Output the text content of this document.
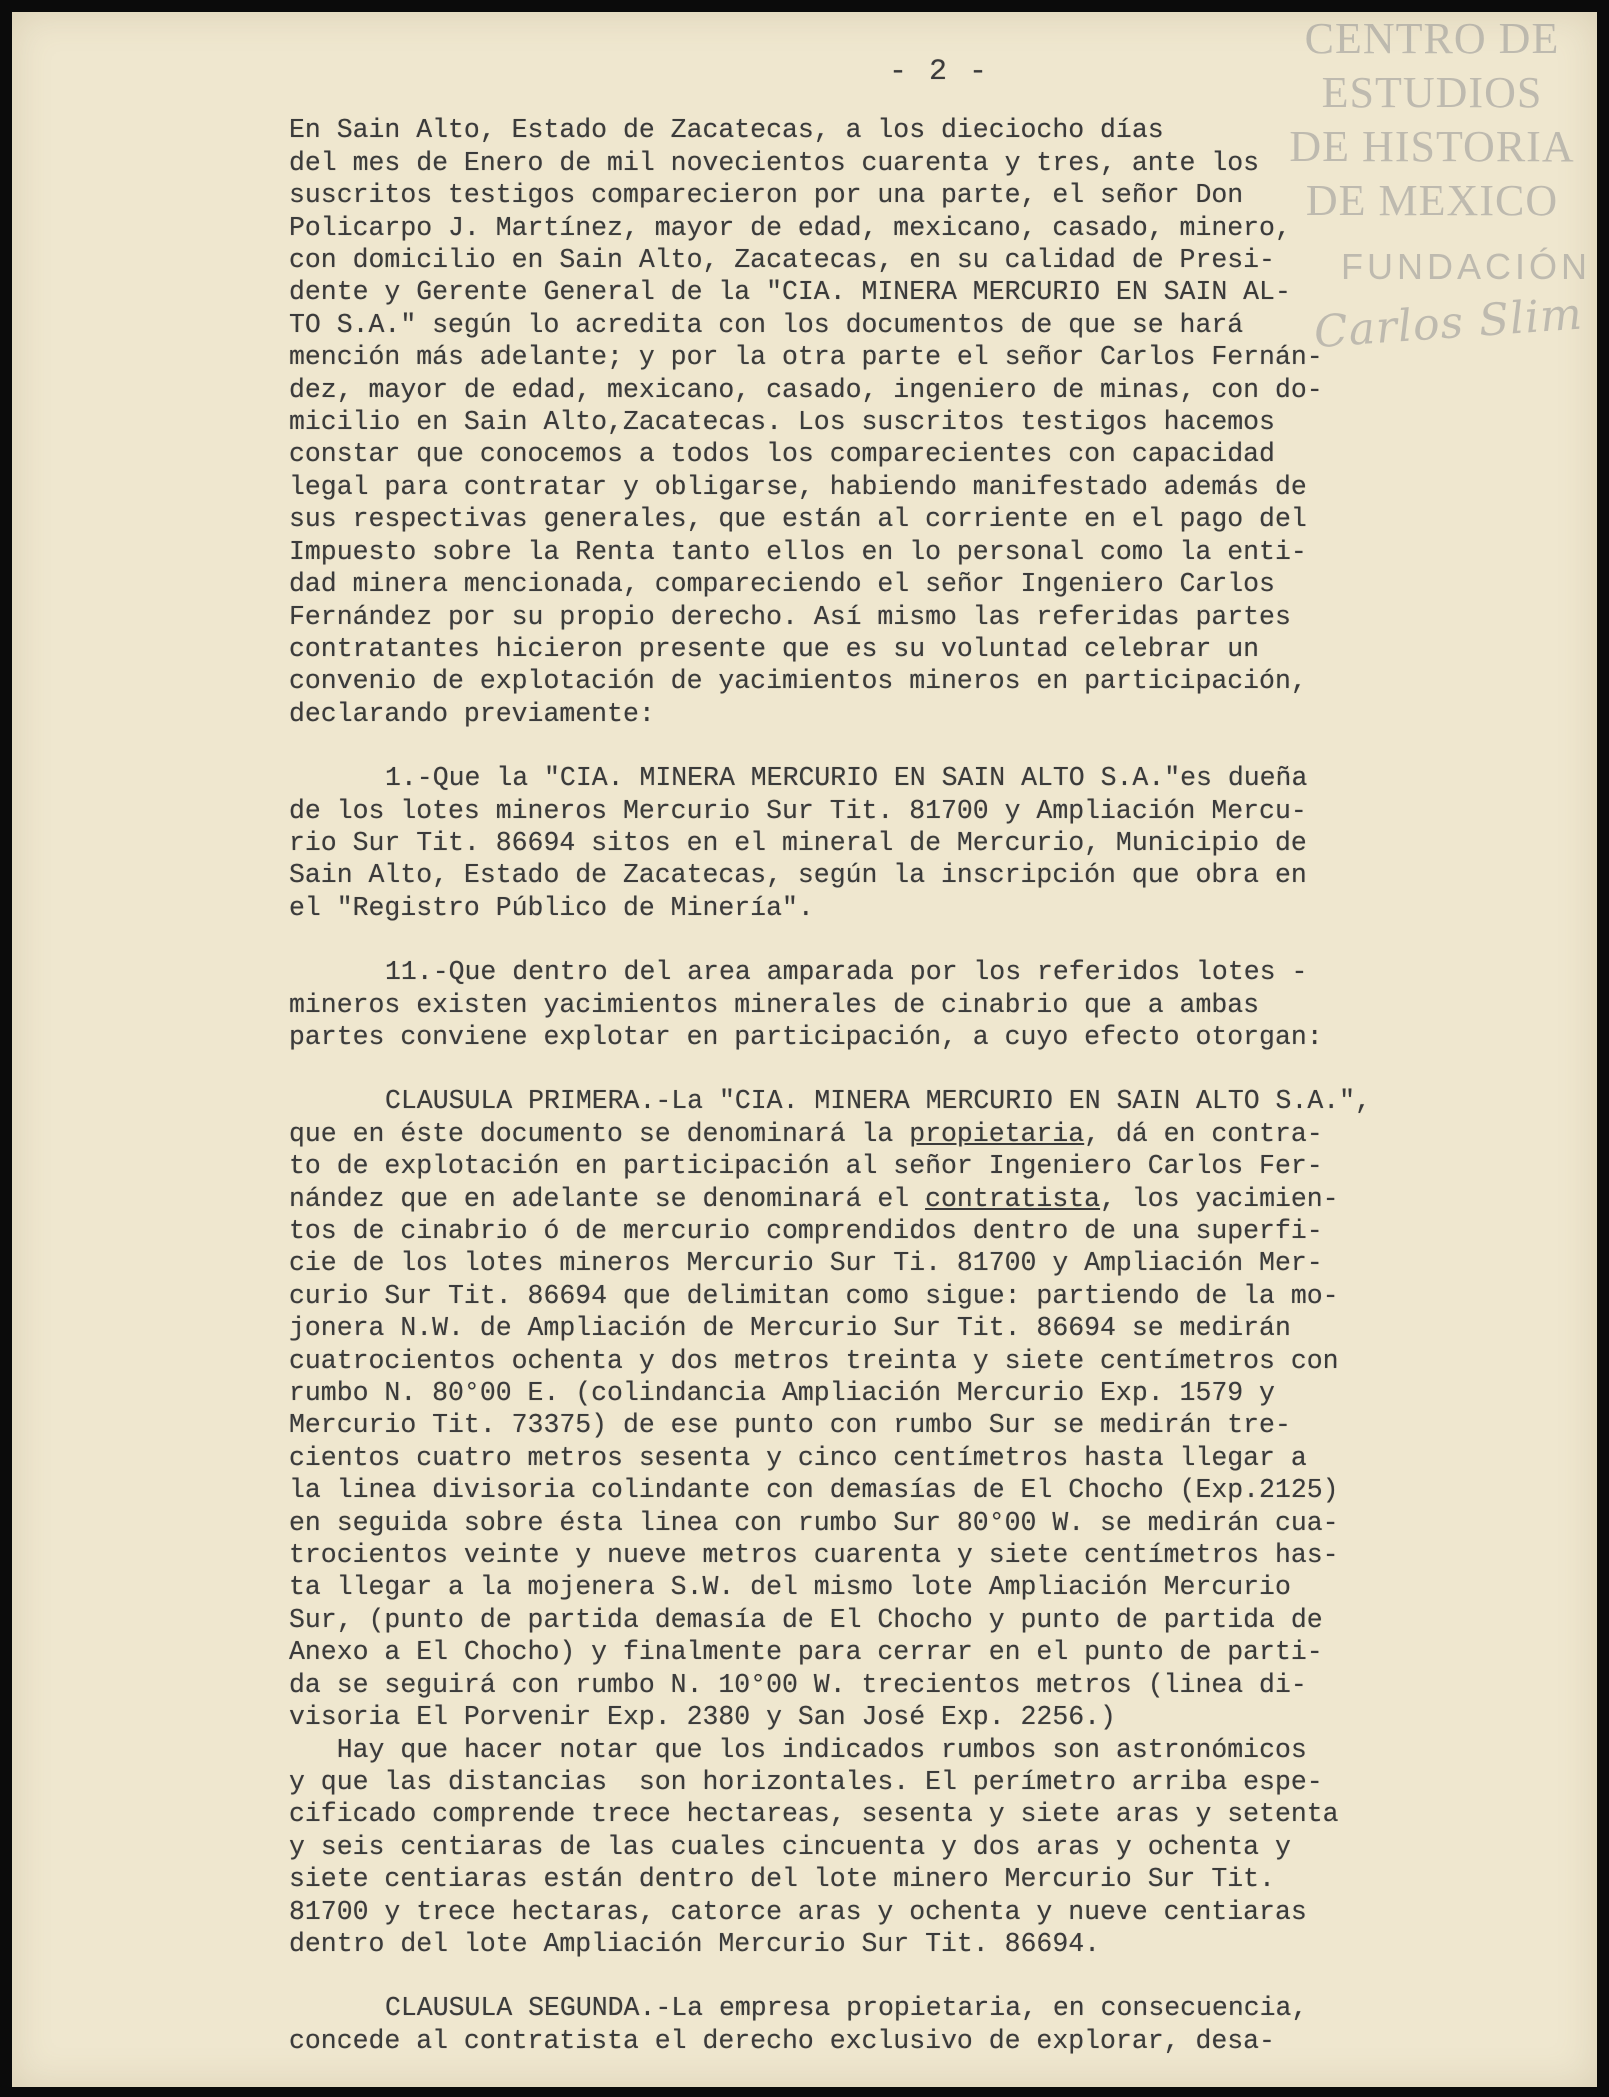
CENTRO DE
ESTUDIOS
DE HISTORIA
DE MEXICO
FUNDACIÓN
Carlos Slim
- 2 -

En Sain Alto, Estado de Zacatecas, a los dieciocho días

del mes de Enero de mil novecientos cuarenta y tres, ante los

suscritos testigos comparecieron por una parte, el señor Don

Policarpo J. Martínez, mayor de edad, mexicano, casado, minero,

con domicilio en Sain Alto, Zacatecas, en su calidad de Presi-

dente y Gerente General de la "CIA. MINERA MERCURIO EN SAIN AL-

TO S.A." según lo acredita con los documentos de que se hará

mención más adelante; y por la otra parte el señor Carlos Fernán-

dez, mayor de edad, mexicano, casado, ingeniero de minas, con do-

micilio en Sain Alto,Zacatecas. Los suscritos testigos hacemos

constar que conocemos a todos los comparecientes con capacidad

legal para contratar y obligarse, habiendo manifestado además de

sus respectivas generales, que están al corriente en el pago del

Impuesto sobre la Renta tanto ellos en lo personal como la enti-

dad minera mencionada, compareciendo el señor Ingeniero Carlos

Fernández por su propio derecho. Así mismo las referidas partes

contratantes hicieron presente que es su voluntad celebrar un

convenio de explotación de yacimientos mineros en participación,

declarando previamente:

1.-Que la "CIA. MINERA MERCURIO EN SAIN ALTO S.A."es dueña

de los lotes mineros Mercurio Sur Tit. 81700 y Ampliación Mercu-

rio Sur Tit. 86694 sitos en el mineral de Mercurio, Municipio de

Sain Alto, Estado de Zacatecas, según la inscripción que obra en

el "Registro Público de Minería".

11.-Que dentro del area amparada por los referidos lotes -

mineros existen yacimientos minerales de cinabrio que a ambas

partes conviene explotar en participación, a cuyo efecto otorgan:

CLAUSULA PRIMERA.-La "CIA. MINERA MERCURIO EN SAIN ALTO S.A.",

que en éste documento se denominará la propietaria, dá en contra-

to de explotación en participación al señor Ingeniero Carlos Fer-

nández que en adelante se denominará el contratista, los yacimien-

tos de cinabrio ó de mercurio comprendidos dentro de una superfi-

cie de los lotes mineros Mercurio Sur Ti. 81700 y Ampliación Mer-

curio Sur Tit. 86694 que delimitan como sigue: partiendo de la mo-

jonera N.W. de Ampliación de Mercurio Sur Tit. 86694 se medirán

cuatrocientos ochenta y dos metros treinta y siete centímetros con

rumbo N. 80°00 E. (colindancia Ampliación Mercurio Exp. 1579 y

Mercurio Tit. 73375) de ese punto con rumbo Sur se medirán tre-

cientos cuatro metros sesenta y cinco centímetros hasta llegar a

la linea divisoria colindante con demasías de El Chocho (Exp.2125)

en seguida sobre ésta linea con rumbo Sur 80°00 W. se medirán cua-

trocientos veinte y nueve metros cuarenta y siete centímetros has-

ta llegar a la mojenera S.W. del mismo lote Ampliación Mercurio

Sur, (punto de partida demasía de El Chocho y punto de partida de

Anexo a El Chocho) y finalmente para cerrar en el punto de parti-

da se seguirá con rumbo N. 10°00 W. trecientos metros (linea di-

visoria El Porvenir Exp. 2380 y San José Exp. 2256.)

Hay que hacer notar que los indicados rumbos son astronómicos

y que las distancias  son horizontales. El perímetro arriba espe-

cificado comprende trece hectareas, sesenta y siete aras y setenta

y seis centiaras de las cuales cincuenta y dos aras y ochenta y

siete centiaras están dentro del lote minero Mercurio Sur Tit.

81700 y trece hectaras, catorce aras y ochenta y nueve centiaras

dentro del lote Ampliación Mercurio Sur Tit. 86694.

CLAUSULA SEGUNDA.-La empresa propietaria, en consecuencia,

concede al contratista el derecho exclusivo de explorar, desa-
